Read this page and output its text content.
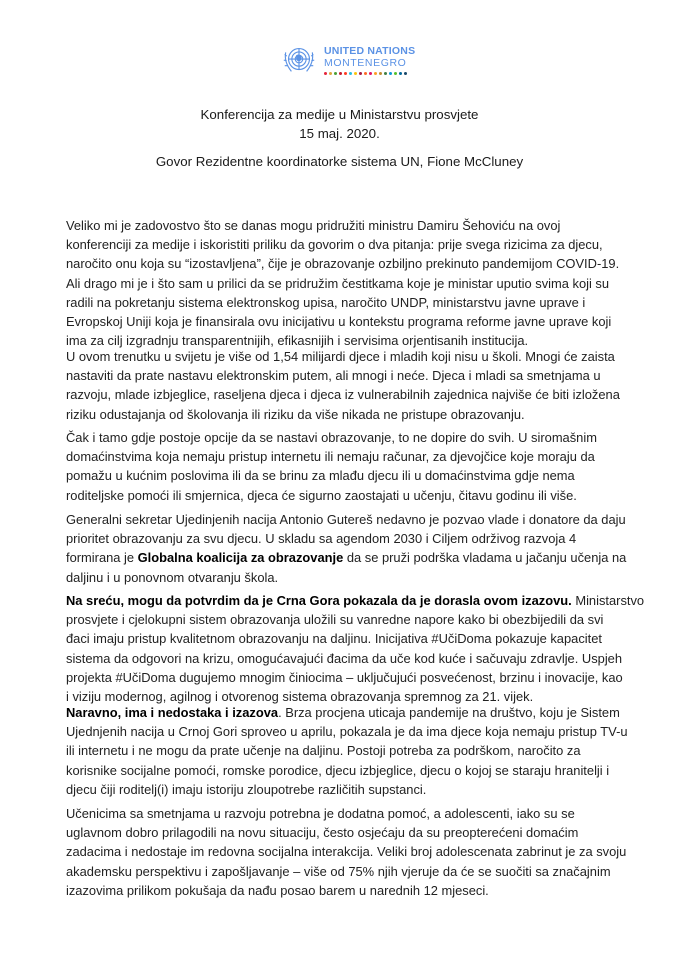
UNITED NATIONS
MONTENEGRO
Konferencija za medije u Ministarstvu prosvjete
15 maj. 2020.
Govor Rezidentne koordinatorke sistema UN, Fione McCluney
Veliko mi je zadovostvo što se danas mogu pridružiti ministru Damiru Šehoviću na ovoj
konferenciji za medije i iskoristiti priliku da govorim o dva pitanja: prije svega rizicima za djecu,
naročito onu koja su “izostavljena”, čije je obrazovanje ozbiljno prekinuto pandemijom COVID-19.
Ali drago mi je i što sam u prilici da se pridružim čestitkama koje je ministar uputio svima koji su
radili na pokretanju sistema elektronskog upisa, naročito UNDP, ministarstvu javne uprave i
Evropskoj Uniji koja je finansirala ovu inicijativu u kontekstu programa reforme javne uprave koji
ima za cilj izgradnju transparentnijih, efikasnijih i servisima orjentisanih institucija.
U ovom trenutku u svijetu je više od 1,54 milijardi djece i mladih koji nisu u školi. Mnogi će zaista
nastaviti da prate nastavu elektronskim putem, ali mnogi i neće. Djeca i mladi sa smetnjama u
razvoju, mlade izbjeglice, raseljena djeca i djeca iz vulnerabilnih zajednica najviše će biti izložena
riziku odustajanja od školovanja ili riziku da više nikada ne pristupe obrazovanju.
Čak i tamo gdje postoje opcije da se nastavi obrazovanje, to ne dopire do svih. U siromašnim
domaćinstvima koja nemaju pristup internetu ili nemaju računar, za djevojčice koje moraju da
pomažu u kućnim poslovima ili da se brinu za mlađu djecu ili u domaćinstvima gdje nema
roditeljske pomoći ili smjernica, djeca će sigurno zaostajati u učenju, čitavu godinu ili više.
Generalni sekretar Ujedinjenih nacija Antonio Gutereš nedavno je pozvao vlade i donatore da daju
prioritet obrazovanju za svu djecu. U skladu sa agendom 2030 i Ciljem održivog razvoja 4
formirana je Globalna koalicija za obrazovanje da se pruži podrška vladama u jačanju učenja na
daljinu i u ponovnom otvaranju škola.
Na sreću, mogu da potvrdim da je Crna Gora pokazala da je dorasla ovom izazovu. Ministarstvo
prosvjete i cjelokupni sistem obrazovanja uložili su vanredne napore kako bi obezbijedili da svi
đaci imaju pristup kvalitetnom obrazovanju na daljinu. Inicijativa #UčiDoma pokazuje kapacitet
sistema da odgovori na krizu, omogućavajući đacima da uče kod kuće i sačuvaju zdravlje. Uspjeh
projekta #UčiDoma dugujemo mnogim činiocima – uključujući posvećenost, brzinu i inovacije, kao
i viziju modernog, agilnog i otvorenog sistema obrazovanja spremnog za 21. vijek.
Naravno, ima i nedostaka i izazova. Brza procjena uticaja pandemije na društvo, koju je Sistem
Ujednjenih nacija u Crnoj Gori sproveo u aprilu, pokazala je da ima djece koja nemaju pristup TV-u
ili internetu i ne mogu da prate učenje na daljinu. Postoji potreba za podrškom, naročito za
korisnike socijalne pomoći, romske porodice, djecu izbjeglice, djecu o kojoj se staraju hranitelji i
djecu čiji roditelj(i) imaju istoriju zloupotrebe različitih supstanci.
Učenicima sa smetnjama u razvoju potrebna je dodatna pomoć, a adolescenti, iako su se
uglavnom dobro prilagodili na novu situaciju, često osjećaju da su preopterećeni domaćim
zadacima i nedostaje im redovna socijalna interakcija. Veliki broj adolescenata zabrinut je za svoju
akademsku perspektivu i zapošljavanje – više od 75% njih vjeruje da će se suočiti sa značajnim
izazovima prilikom pokušaja da nađu posao barem u narednih 12 mjeseci.
